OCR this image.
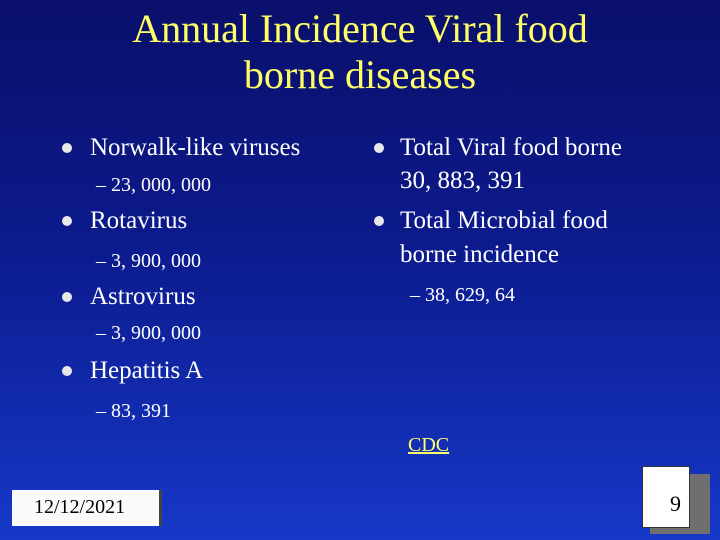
Annual Incidence Viral food
borne diseases
Norwalk-like viruses
– 23, 000, 000
Rotavirus
– 3, 900, 000
Astrovirus
– 3, 900, 000
Hepatitis A
– 83, 391
Total Viral food borne
30, 883, 391
Total Microbial food
borne incidence
– 38, 629, 64
CDC
12/12/2021	9
